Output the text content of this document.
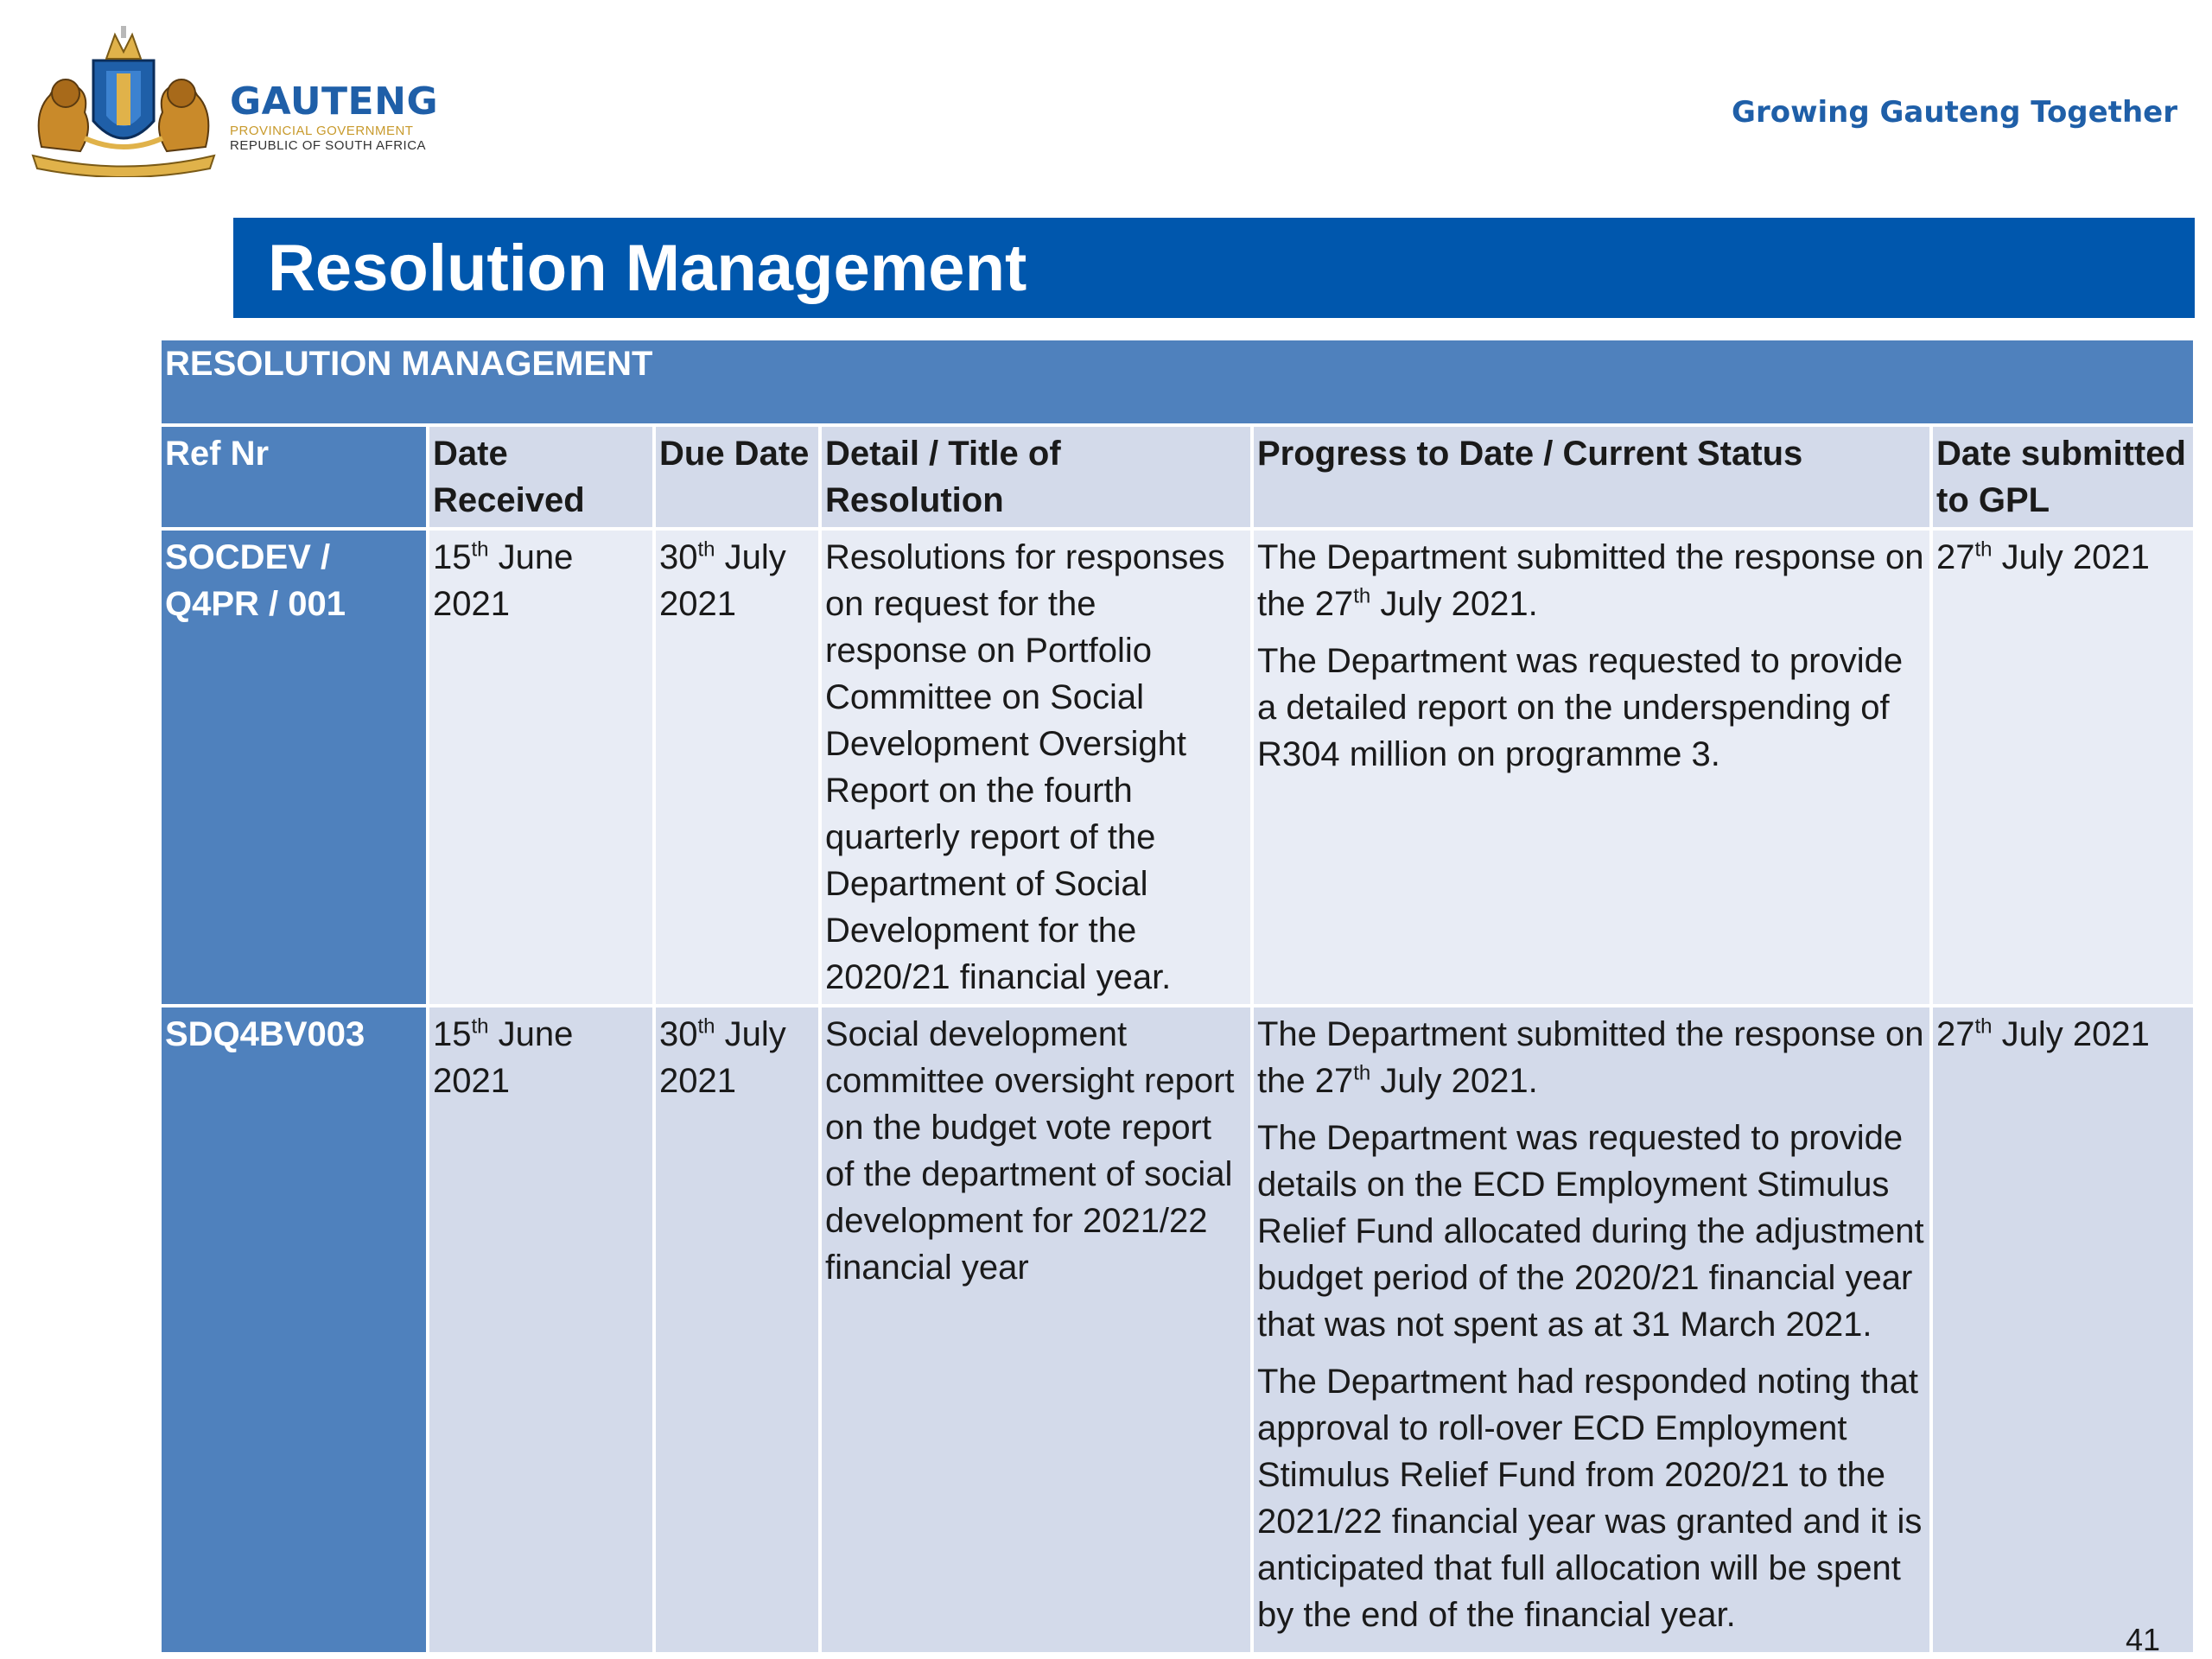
GAUTENG
PROVINCIAL GOVERNMENT
REPUBLIC OF SOUTH AFRICA
Growing Gauteng Together
Resolution Management
RESOLUTION MANAGEMENT					
Ref Nr	Date Received	Due Date	Detail / Title of Resolution	Progress to Date / Current Status	Date submitted to GPL
SOCDEV / Q4PR / 001	15th June 2021	30th July 2021	Resolutions for responses on request for the response on Portfolio Committee on Social Development Oversight Report on the fourth quarterly report of the Department of Social Development for the 2020/21 financial year.	The Department submitted the response on the 27th July 2021.

The Department was requested to provide a detailed report on the underspending of R304 million on programme 3.	27th July 2021
SDQ4BV003	15th June 2021	30th July 2021	Social development committee oversight report on the budget vote report of the department of social development for 2021/22 financial year	The Department submitted the response on the 27th July 2021.

The Department was requested to provide details on the ECD Employment Stimulus Relief Fund allocated during the adjustment budget period of the 2020/21 financial year that was not spent as at 31 March 2021.

The Department had responded noting that approval to roll-over ECD Employment Stimulus Relief Fund from 2020/21 to the 2021/22 financial year was granted and it is anticipated that full allocation will be spent by the end of the financial year.	27th July 2021
41
